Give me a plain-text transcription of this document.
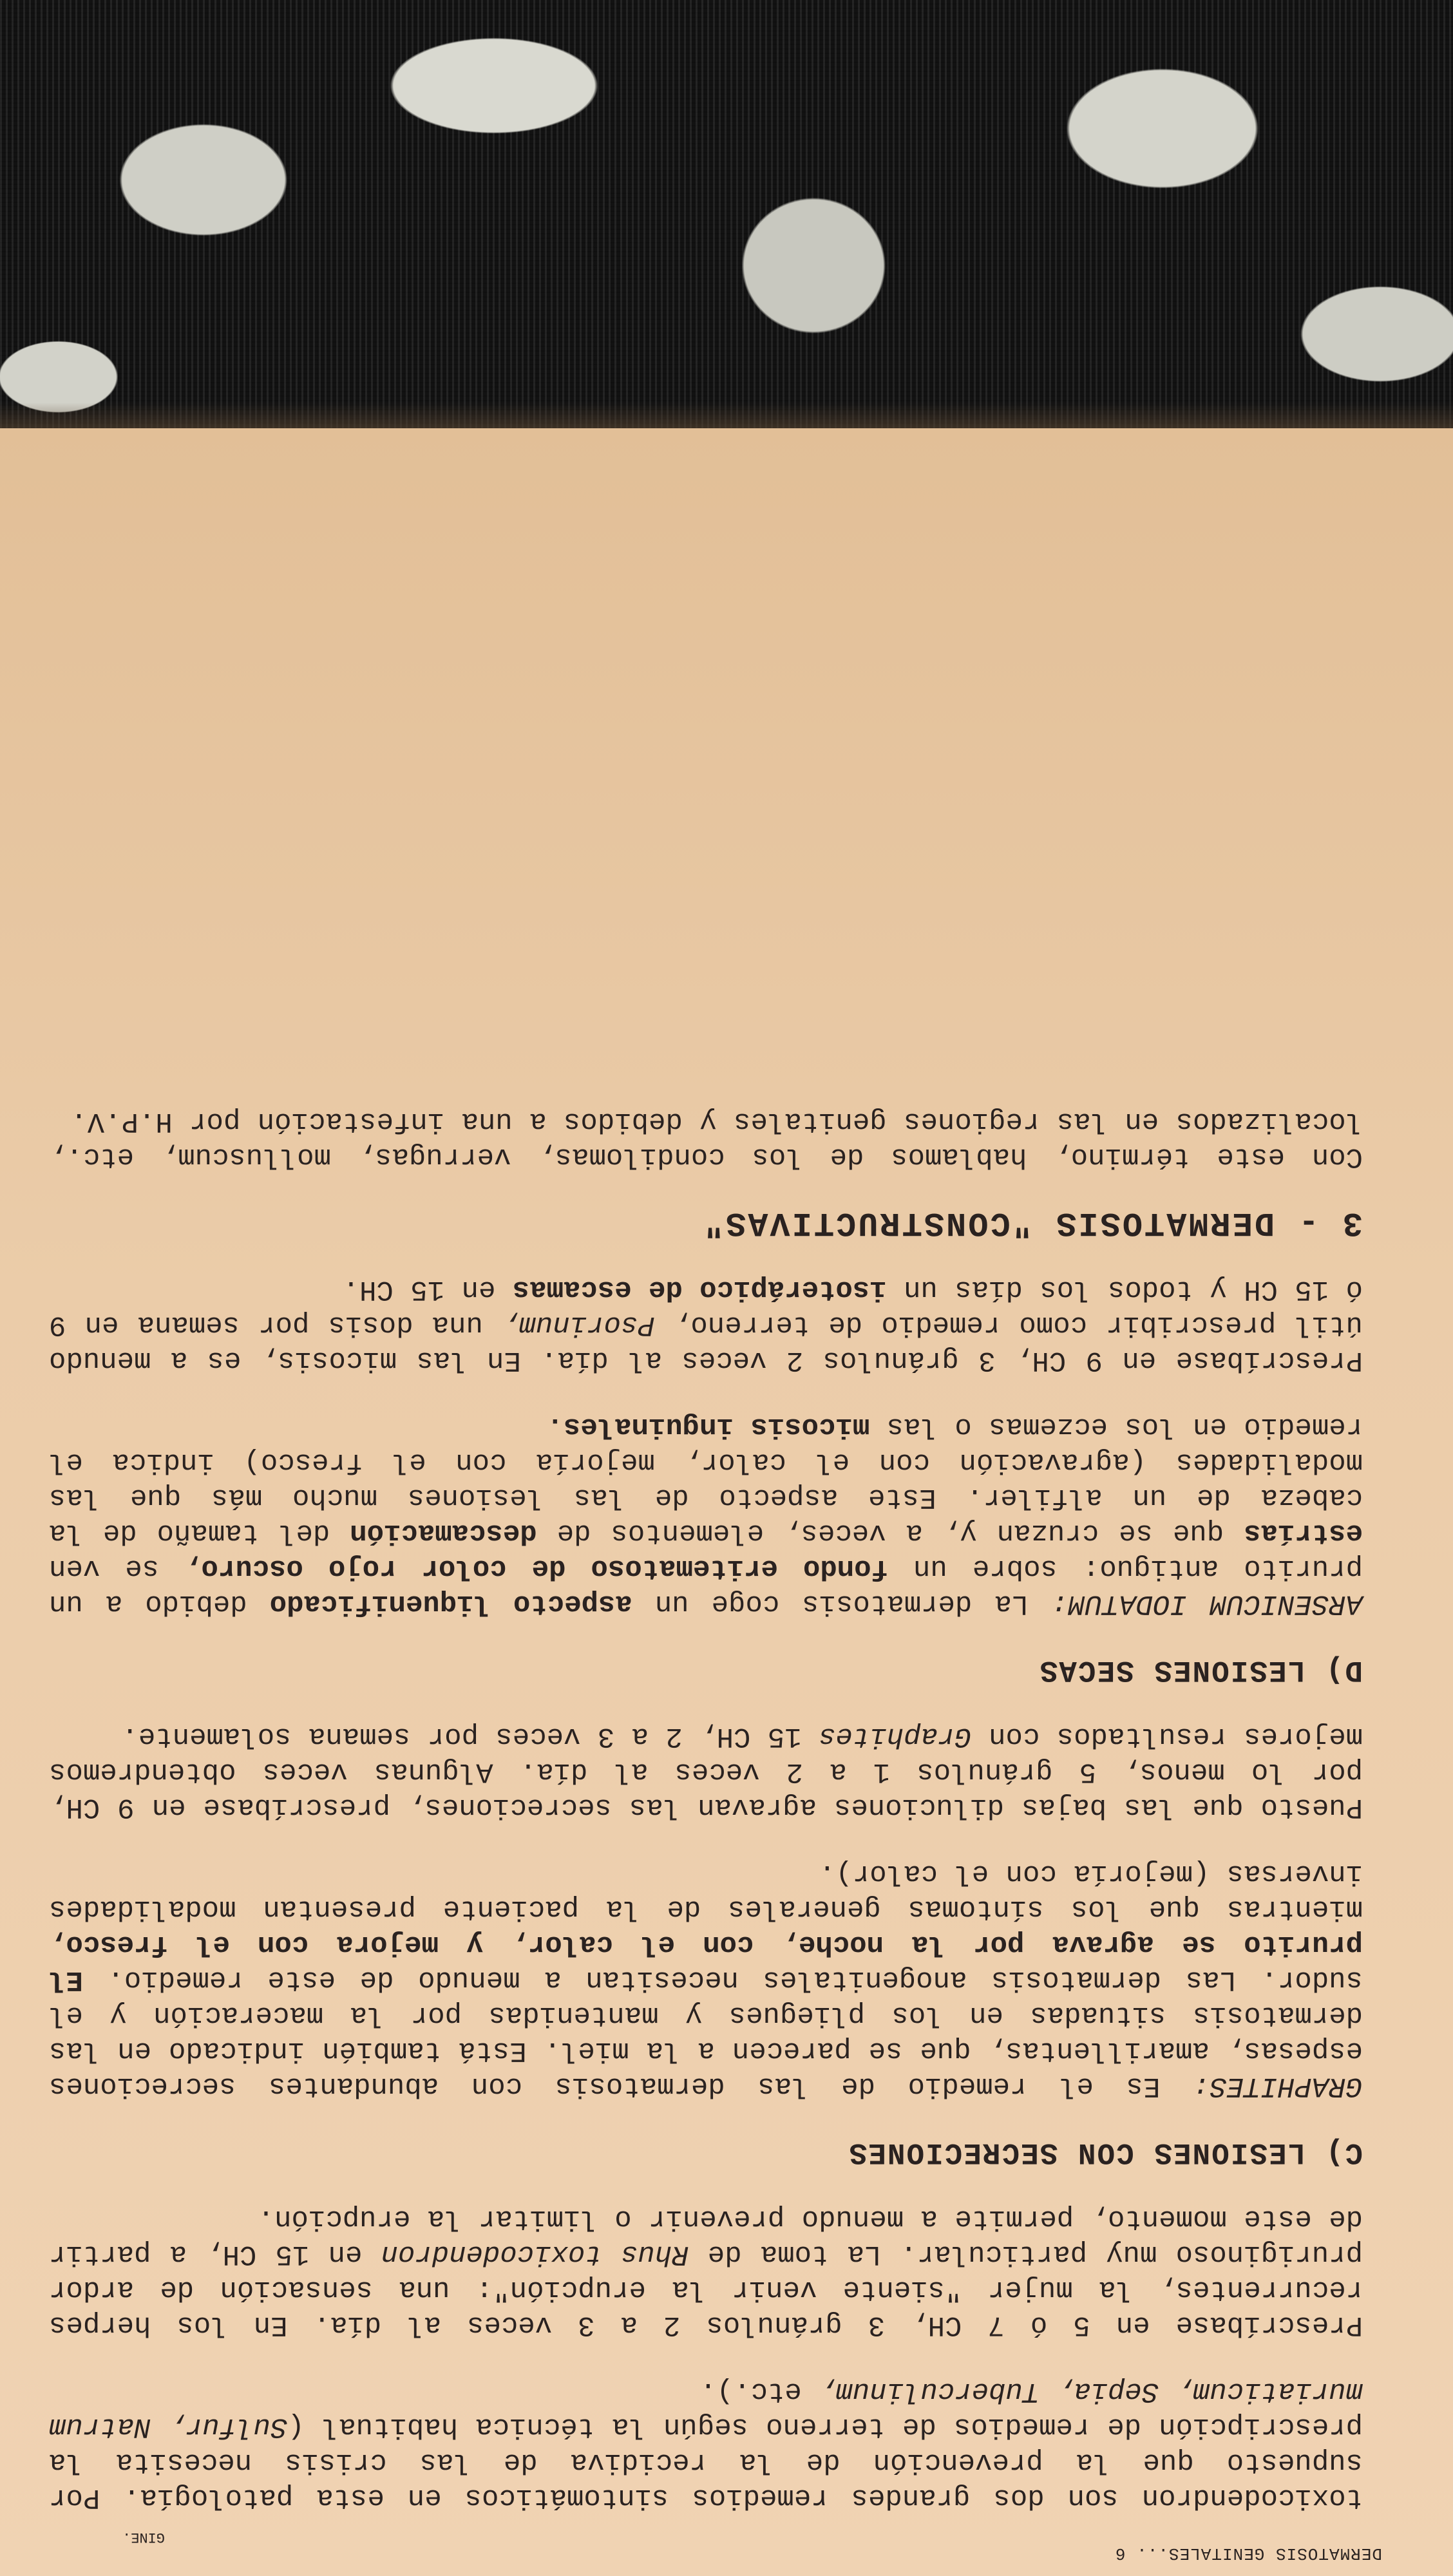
DERMATOSIS GENITALES... 6
GINE.

toxicodendron son dos grandes remedios sintomáticos en esta patología. Por supuesto que la prevención de la recidiva de las crisis necesita la prescripción de remedios de terreno según la técnica habitual (Sulfur, Natrum muriaticum, Sepia, Tuberculinum, etc.).

Prescríbase en 5 ó 7 CH, 3 gránulos 2 a 3 veces al día. En los herpes recurrentes, la mujer "siente venir la erupción": una sensación de ardor pruriginoso muy particular. La toma de Rhus toxicodendron en 15 CH, a partir de este momento, permite a menudo prevenir o limitar la erupción.

C) LESIONES CON SECRECIONES

GRAPHITES: Es el remedio de las dermatosis con abundantes secreciones espesas, amarillentas, que se parecen a la miel. Está también indicado en las dermatosis situadas en los pliegues y mantenidas por la maceración y el sudor. Las dermatosis anogenitales necesitan a menudo de este remedio. El prurito se agrava por la noche, con el calor, y mejora con el fresco, mientras que los síntomas generales de la paciente presentan modalidades inversas (mejoría con el calor).

Puesto que las bajas diluciones agravan las secreciones, prescríbase en 9 CH, por lo menos, 5 gránulos 1 a 2 veces al día. Algunas veces obtendremos mejores resultados con Graphites 15 CH, 2 a 3 veces por semana solamente.

D) LESIONES SECAS

ARSENICUM IODATUM: La dermatosis coge un aspecto liquenificado debido a un prurito antiguo: sobre un fondo eritematoso de color rojo oscuro, se ven estrías que se cruzan y, a veces, elementos de descamación del tamaño de la cabeza de un alfiler. Este aspecto de las lesiones mucho más que las modalidades (agravación con el calor, mejoría con el fresco) indica el remedio en los eczemas o las micosis inguinales.

Prescríbase en 9 CH, 3 gránulos 2 veces al día. En las micosis, es a menudo útil prescribir como remedio de terreno, Psorinum, una dosis por semana en 9 ó 15 CH y todos los días un isoterápico de escamas en 15 CH.

3 - DERMATOSIS "CONSTRUCTIVAS"

Con este término, hablamos de los condilomas, verrugas, molluscum, etc., localizados en las regiones genitales y debidos a una infestación por H.P.V.
